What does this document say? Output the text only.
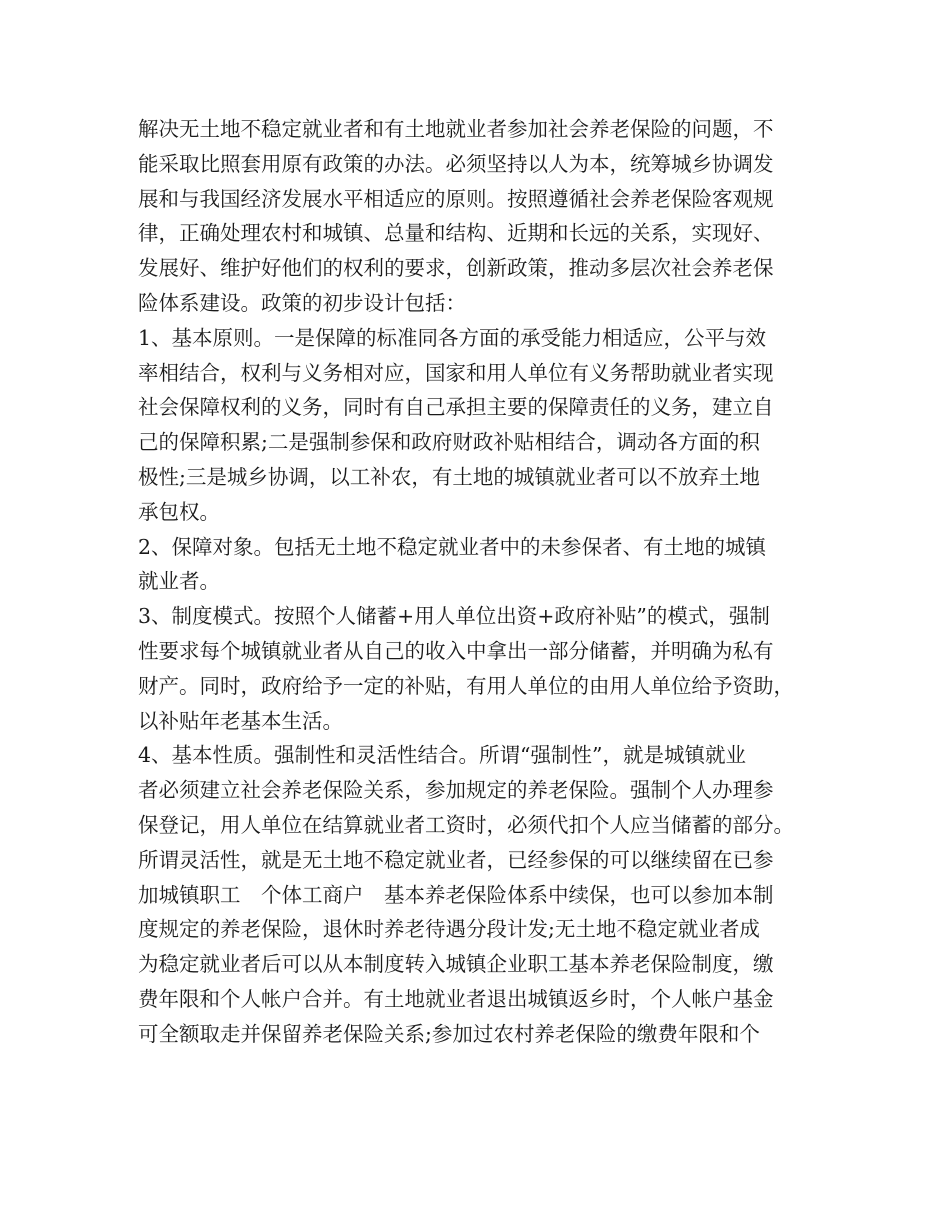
解决无土地不稳定就业者和有土地就业者参加社会养老保险的问题，不
能采取比照套用原有政策的办法。必须坚持以人为本，统筹城乡协调发
展和与我国经济发展水平相适应的原则。按照遵循社会养老保险客观规
律，正确处理农村和城镇、总量和结构、近期和长远的关系，实现好、
发展好、维护好他们的权利的要求，创新政策，推动多层次社会养老保
险体系建设。政策的初步设计包括：
1、基本原则。一是保障的标准同各方面的承受能力相适应，公平与效
率相结合，权利与义务相对应，国家和用人单位有义务帮助就业者实现
社会保障权利的义务，同时有自己承担主要的保障责任的义务，建立自
己的保障积累;二是强制参保和政府财政补贴相结合，调动各方面的积
极性;三是城乡协调，以工补农，有土地的城镇就业者可以不放弃土地
承包权。
2、保障对象。包括无土地不稳定就业者中的未参保者、有土地的城镇
就业者。
3、制度模式。按照个人储蓄+用人单位出资+政府补贴”的模式，强制
性要求每个城镇就业者从自己的收入中拿出一部分储蓄，并明确为私有
财产。同时，政府给予一定的补贴，有用人单位的由用人单位给予资助，
以补贴年老基本生活。
4、基本性质。强制性和灵活性结合。所谓“强制性”，就是城镇就业
者必须建立社会养老保险关系，参加规定的养老保险。强制个人办理参
保登记，用人单位在结算就业者工资时，必须代扣个人应当储蓄的部分。
所谓灵活性，就是无土地不稳定就业者，已经参保的可以继续留在已参
加城镇职工　个体工商户　基本养老保险体系中续保，也可以参加本制
度规定的养老保险，退休时养老待遇分段计发;无土地不稳定就业者成
为稳定就业者后可以从本制度转入城镇企业职工基本养老保险制度，缴
费年限和个人帐户合并。有土地就业者退出城镇返乡时，个人帐户基金
可全额取走并保留养老保险关系;参加过农村养老保险的缴费年限和个
